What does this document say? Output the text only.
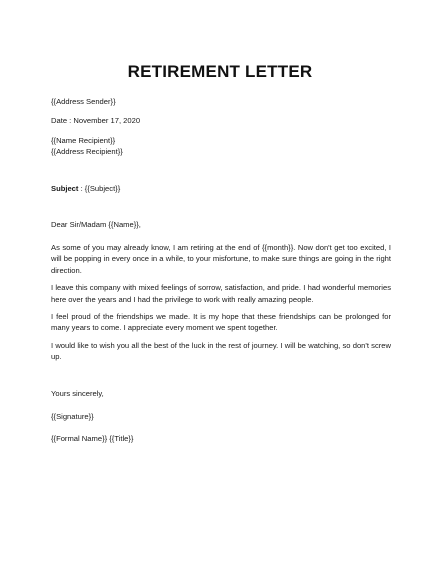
RETIREMENT LETTER

{{Address Sender}}

Date : November 17, 2020

{{Name Recipient}}

{{Address Recipient}}

Subject : {{Subject}}

Dear Sir/Madam {{Name}},

As some of you may already know, I am retiring at the end of {{month}}. Now don't get too excited, I will be popping in every once in a while, to your misfortune, to make sure things are going in the right direction.

I leave this company with mixed feelings of sorrow, satisfaction, and pride. I had wonderful memories here over the years and I had the privilege to work with really amazing people.

I feel proud of the friendships we made. It is my hope that these friendships can be prolonged for many years to come. I appreciate every moment we spent together.

I would like to wish you all the best of the luck in the rest of journey. I will be watching, so don't screw up.

Yours sincerely,

{{Signature}}

{{Formal Name}} {{Title}}
